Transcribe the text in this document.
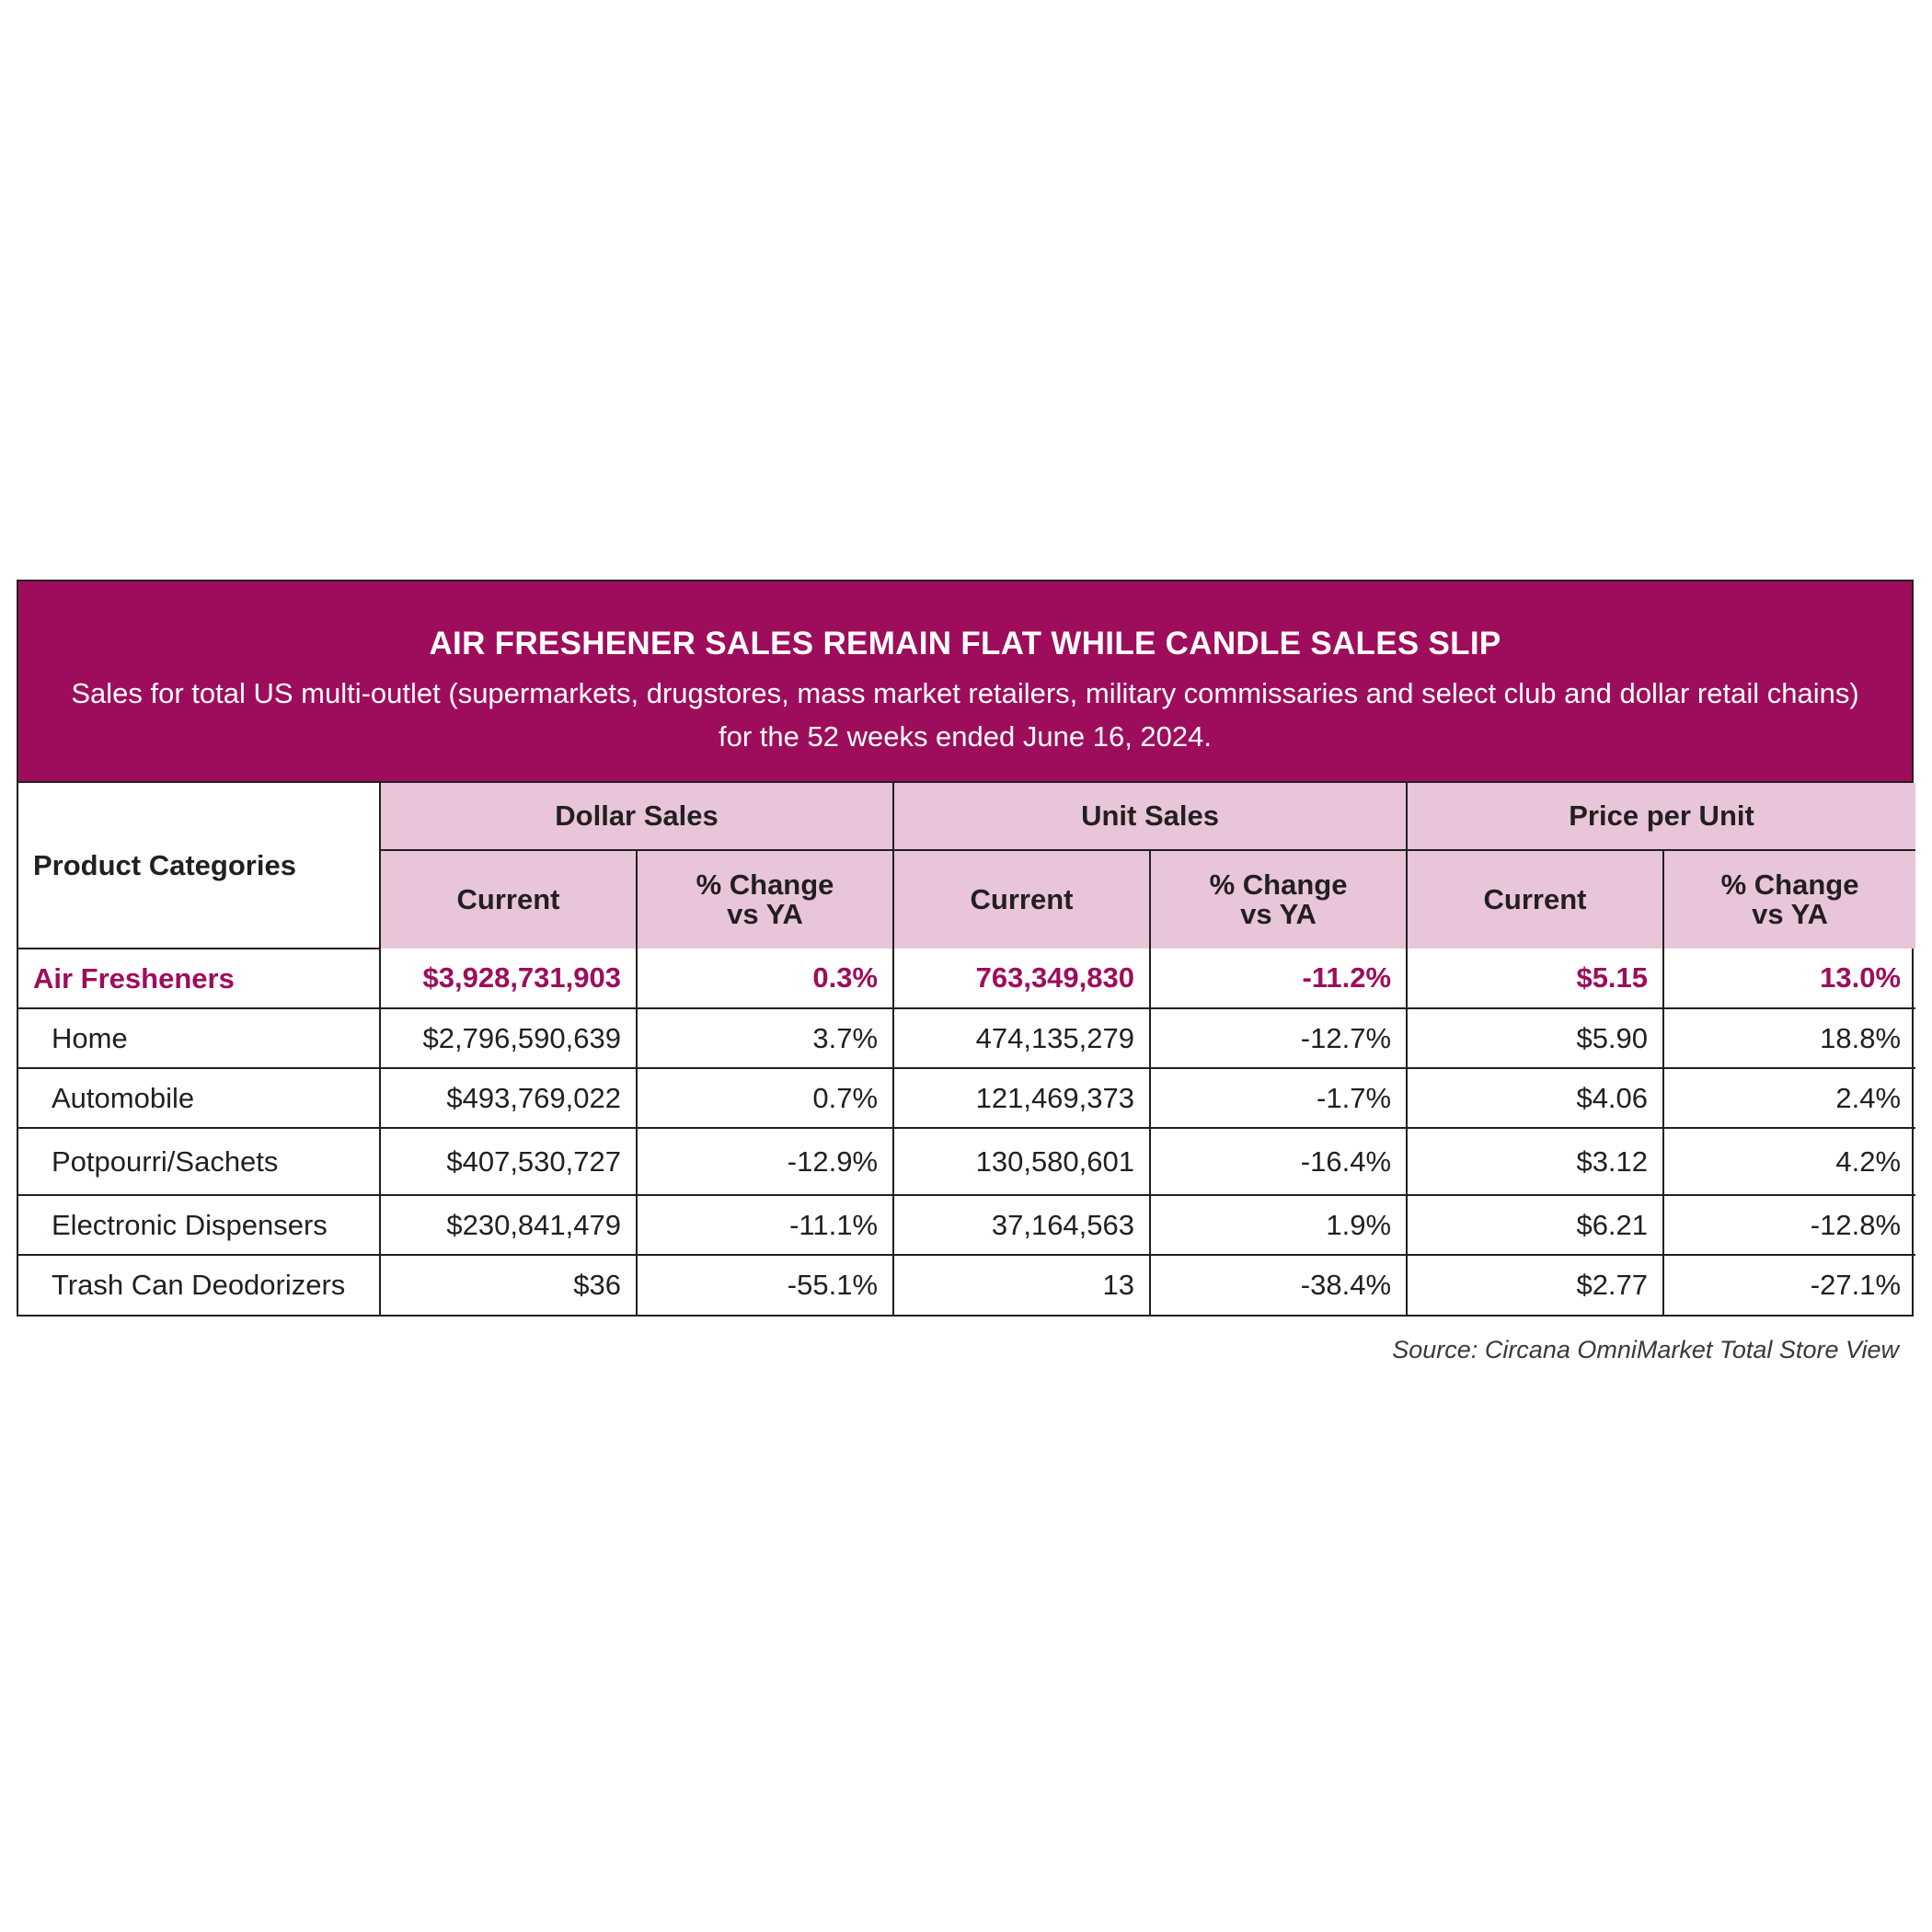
AIR FRESHENER SALES REMAIN FLAT WHILE CANDLE SALES SLIP
Sales for total US multi-outlet (supermarkets, drugstores, mass market retailers, military commissaries and select club and dollar retail chains) for the 52 weeks ended June 16, 2024.
Product Categories	Dollar Sales		Unit Sales		Price per Unit	
	Current	% Change vs YA	Current	% Change vs YA	Current	% Change vs YA
Air Fresheners	$3,928,731,903	0.3%	763,349,830	-11.2%	$5.15	13.0%
Home	$2,796,590,639	3.7%	474,135,279	-12.7%	$5.90	18.8%
Automobile	$493,769,022	0.7%	121,469,373	-1.7%	$4.06	2.4%
Potpourri/Sachets	$407,530,727	-12.9%	130,580,601	-16.4%	$3.12	4.2%
Electronic Dispensers	$230,841,479	-11.1%	37,164,563	1.9%	$6.21	-12.8%
Trash Can Deodorizers	$36	-55.1%	13	-38.4%	$2.77	-27.1%
Source: Circana OmniMarket Total Store View
